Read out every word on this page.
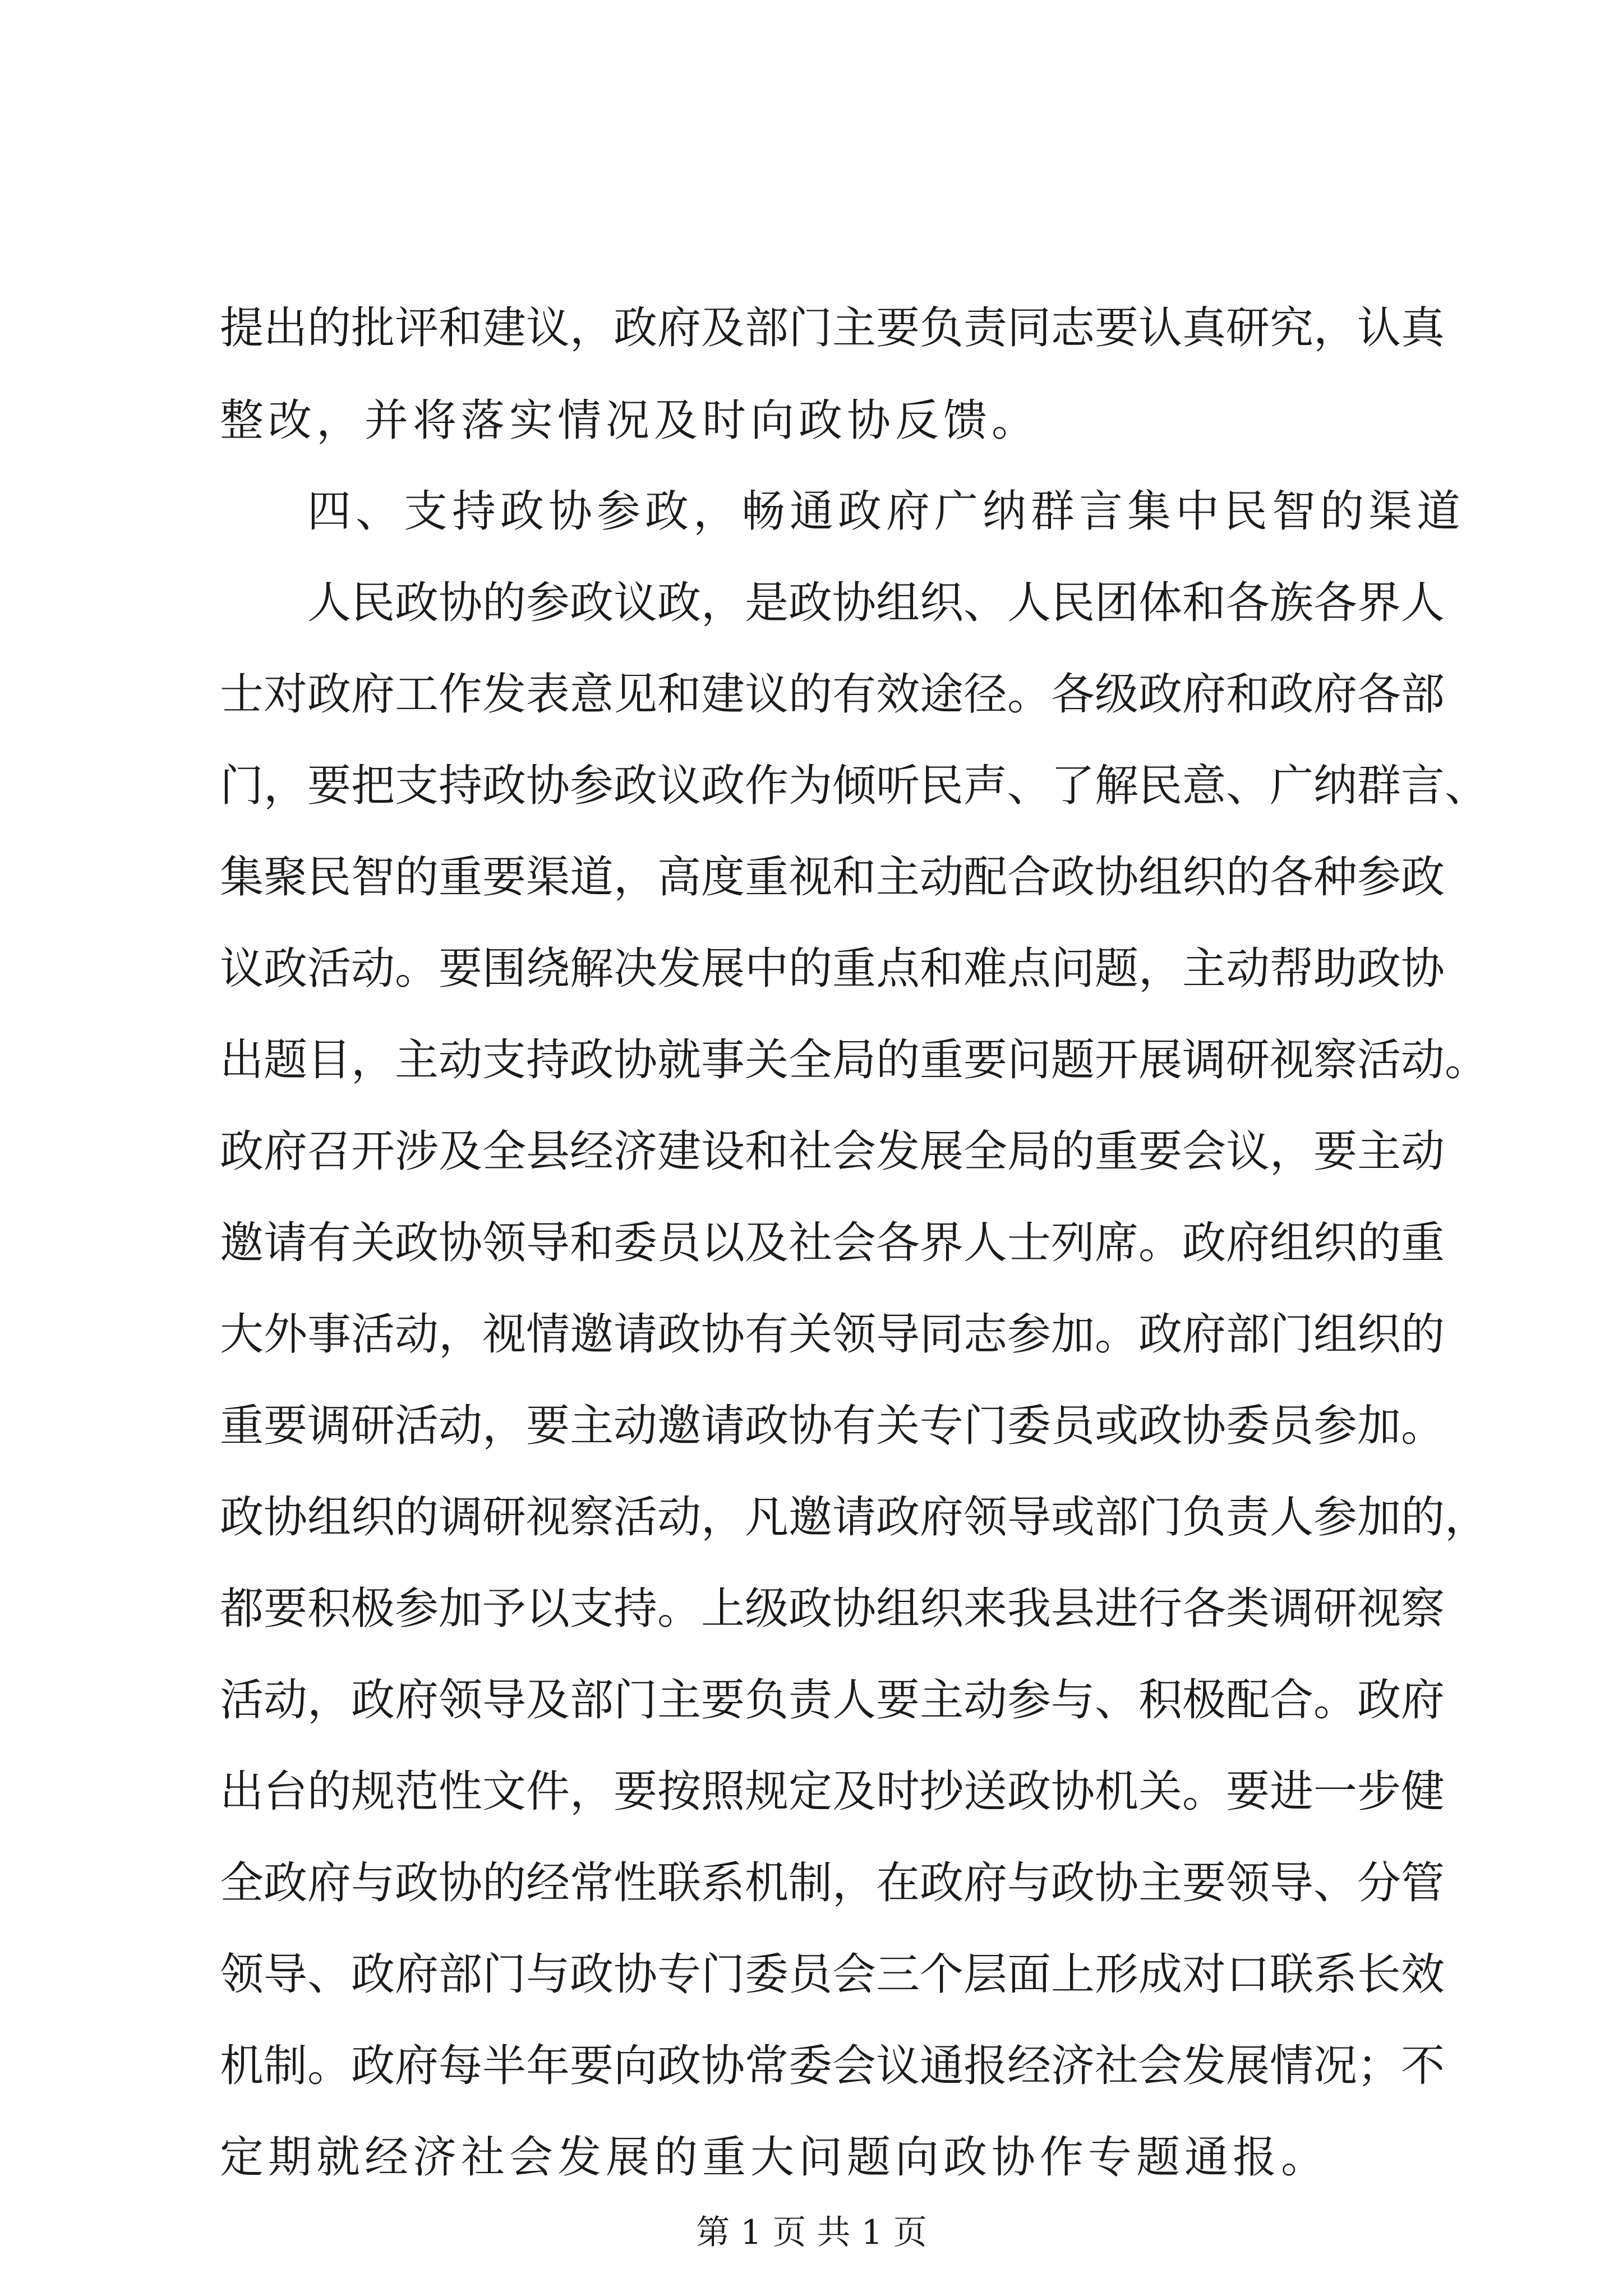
提出的批评和建议，政府及部门主要负责同志要认真研究，认真

整改，并将落实情况及时向政协反馈。

四、支持政协参政，畅通政府广纳群言集中民智的渠道

人民政协的参政议政，是政协组织、人民团体和各族各界人

士对政府工作发表意见和建议的有效途径。各级政府和政府各部

门，要把支持政协参政议政作为倾听民声、了解民意、广纳群言、

集聚民智的重要渠道，高度重视和主动配合政协组织的各种参政

议政活动。要围绕解决发展中的重点和难点问题，主动帮助政协

出题目，主动支持政协就事关全局的重要问题开展调研视察活动。

政府召开涉及全县经济建设和社会发展全局的重要会议，要主动

邀请有关政协领导和委员以及社会各界人士列席。政府组织的重

大外事活动，视情邀请政协有关领导同志参加。政府部门组织的

重要调研活动，要主动邀请政协有关专门委员或政协委员参加。

政协组织的调研视察活动，凡邀请政府领导或部门负责人参加的，

都要积极参加予以支持。上级政协组织来我县进行各类调研视察

活动，政府领导及部门主要负责人要主动参与、积极配合。政府

出台的规范性文件，要按照规定及时抄送政协机关。要进一步健

全政府与政协的经常性联系机制，在政府与政协主要领导、分管

领导、政府部门与政协专门委员会三个层面上形成对口联系长效

机制。政府每半年要向政协常委会议通报经济社会发展情况；不

定期就经济社会发展的重大问题向政协作专题通报。

第 1 页 共 1 页
